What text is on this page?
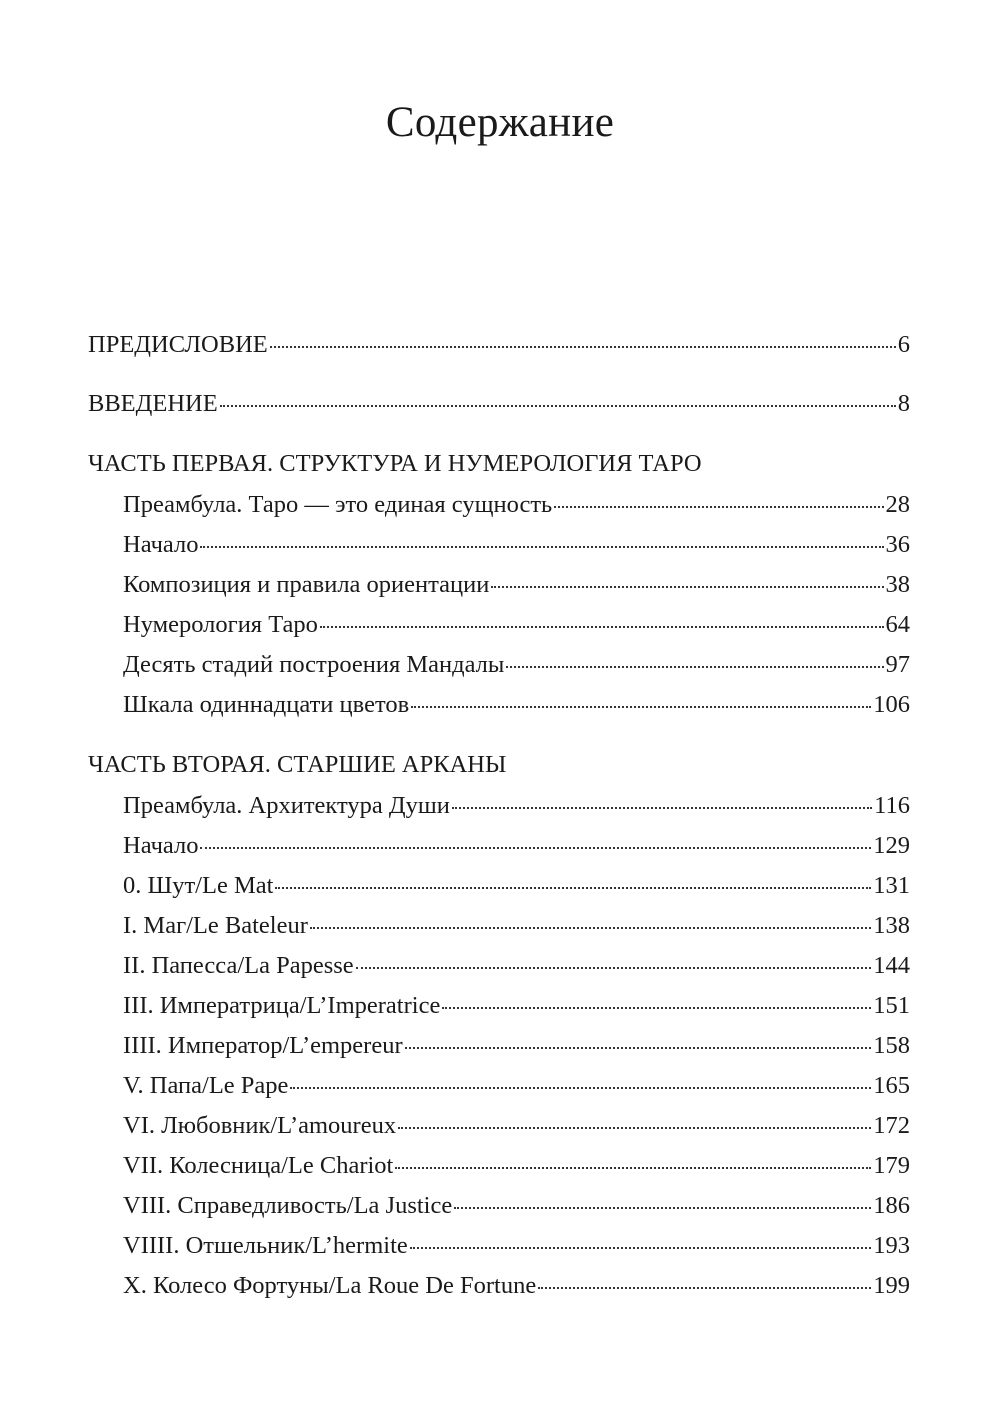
Содержание
ПРЕДИСЛОВИЕ	6
ВВЕДЕНИЕ	8
ЧАСТЬ ПЕРВАЯ. СТРУКТУРА И НУМЕРОЛОГИЯ ТАРО
Преамбула. Таро — это единая сущность	28
Начало	36
Композиция и правила ориентации	38
Нумерология Таро	64
Десять стадий построения Мандалы	97
Шкала одиннадцати цветов	106
ЧАСТЬ ВТОРАЯ. СТАРШИЕ АРКАНЫ
Преамбула. Архитектура Души	116
Начало	129
0. Шут/Le Mat	131
I. Маг/Le Bateleur	138
II. Папесса/La Papesse	144
III. Императрица/L’Imperatrice	151
IIII. Император/L’empereur	158
V. Папа/Le Pape	165
VI. Любовник/L’amoureux	172
VII. Колесница/Le Chariot	179
VIII. Справедливость/La Justice	186
VIIII. Отшельник/L’hermite	193
X. Колесо Фортуны/La Roue De Fortune	199
